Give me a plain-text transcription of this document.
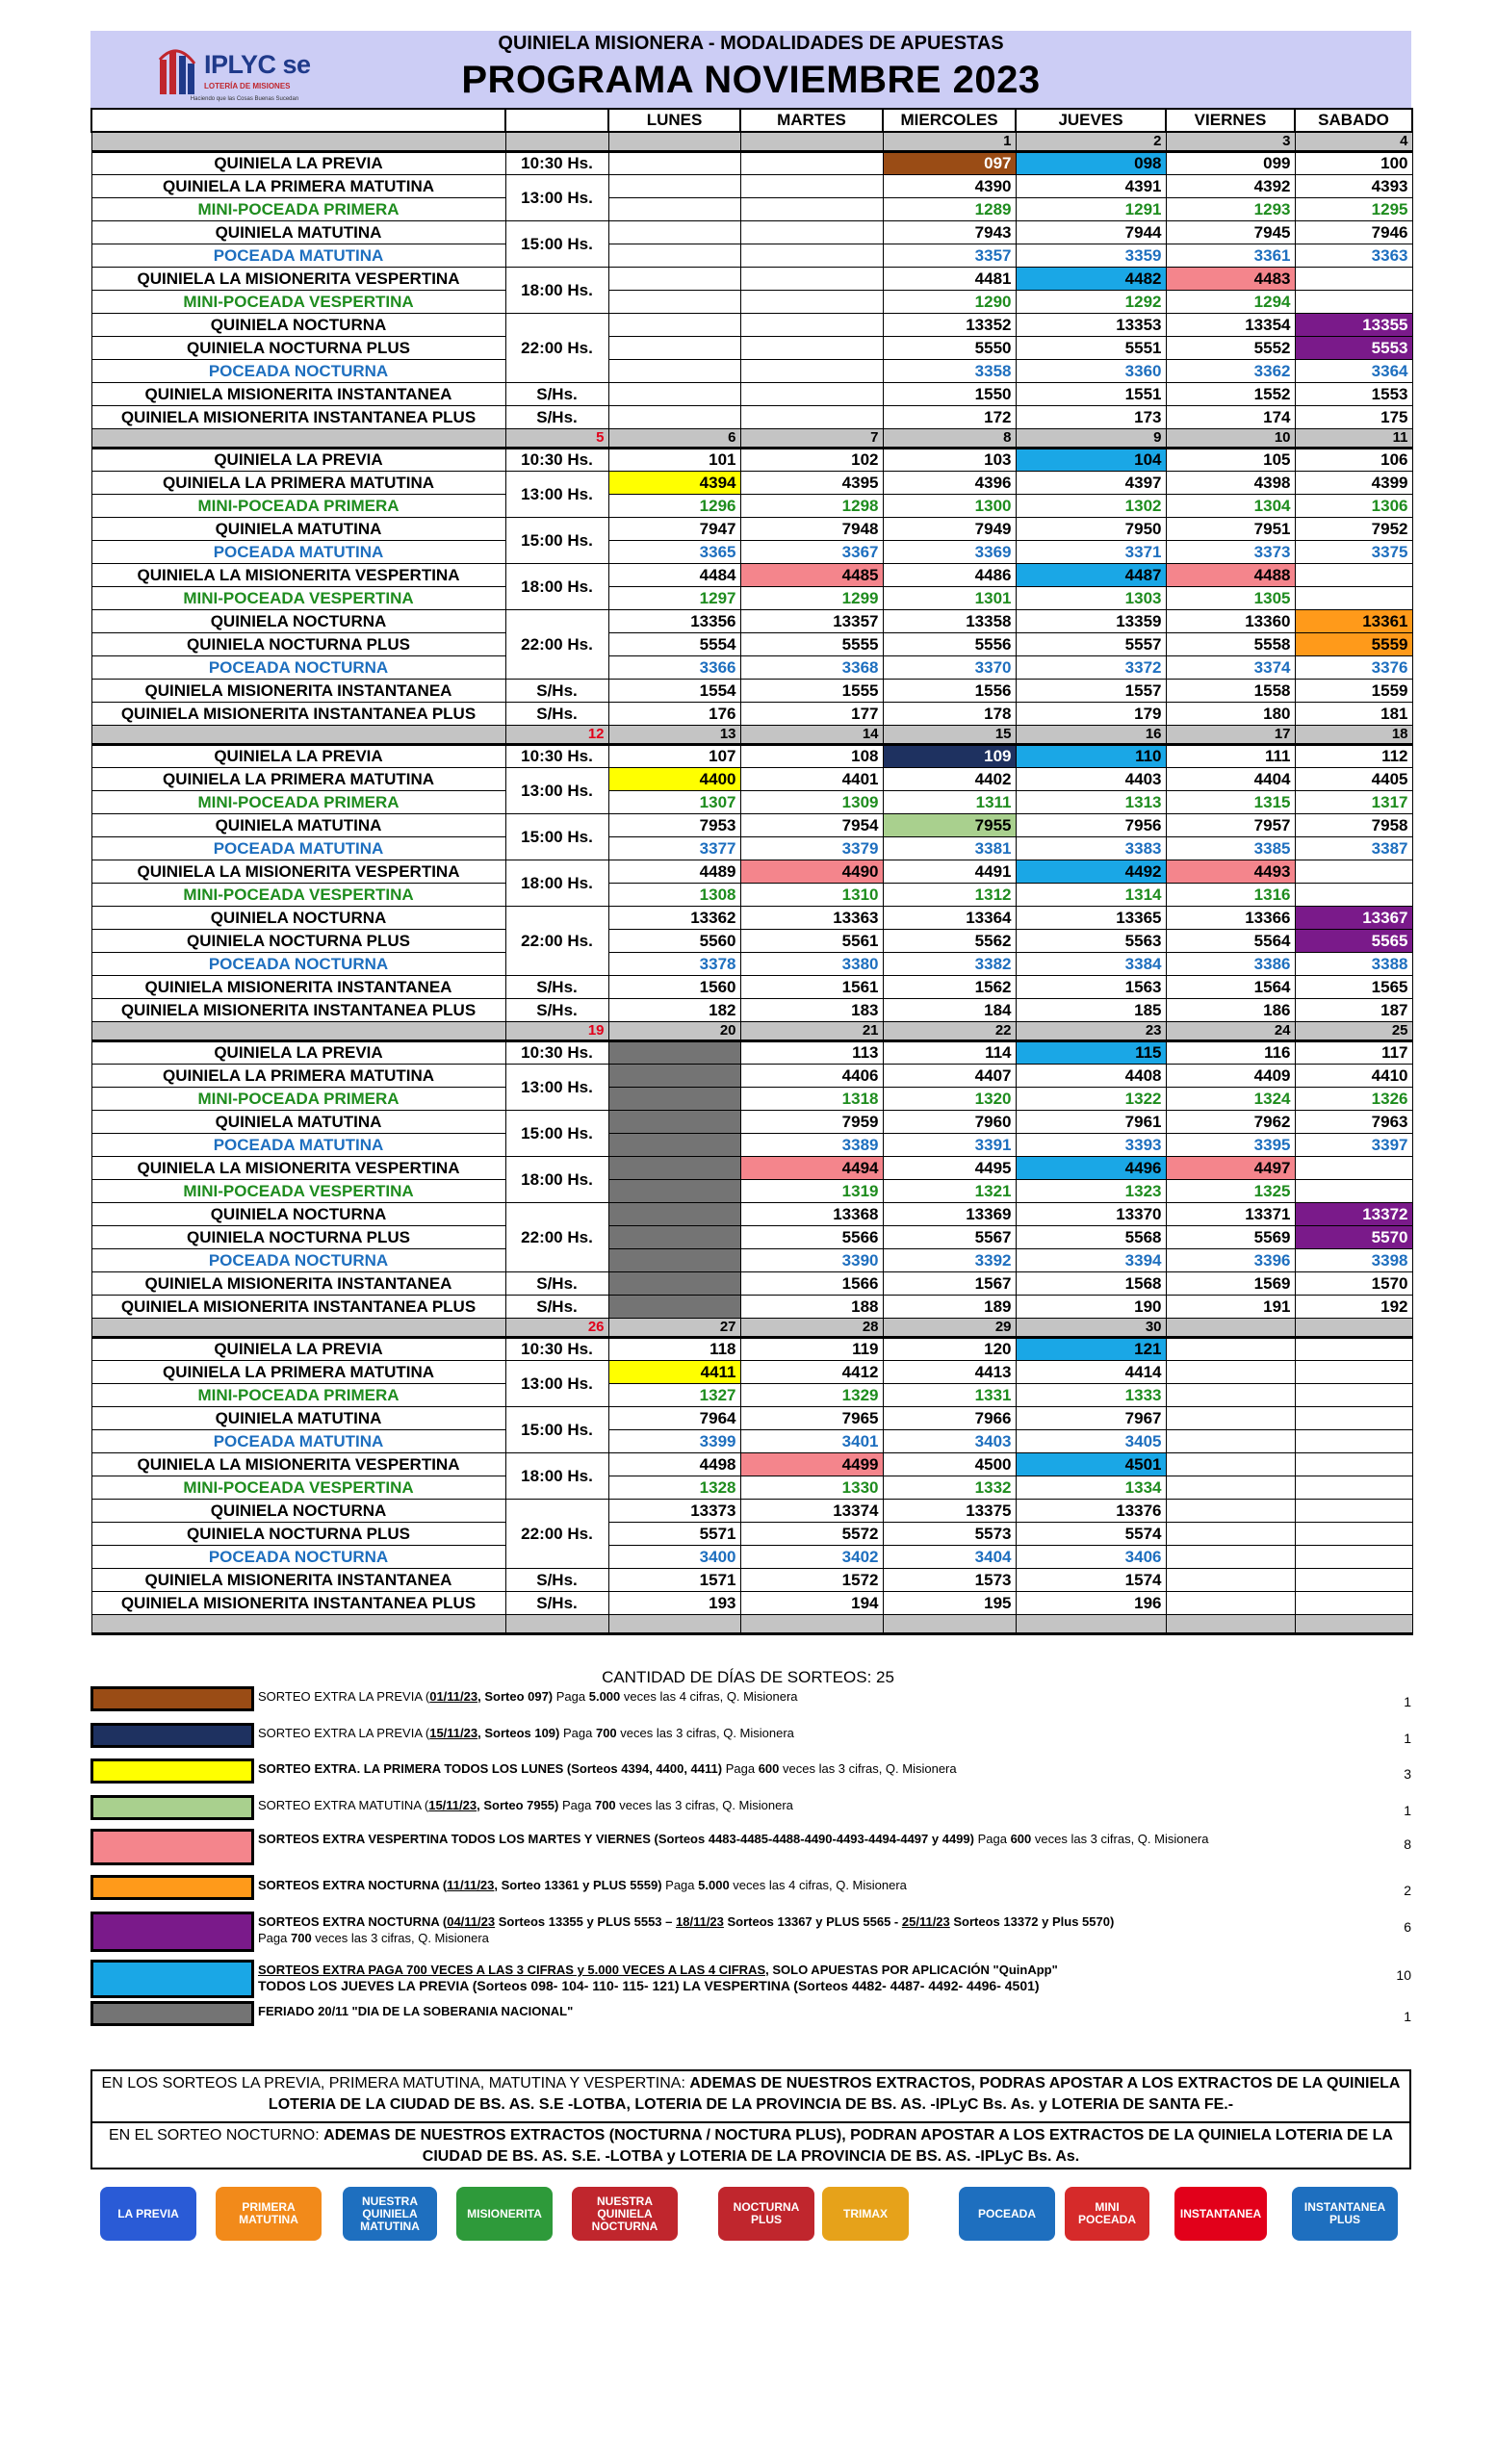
IPLYC se
LOTERÍA DE MISIONES
Haciendo que las Cosas Buenas Sucedan
QUINIELA MISIONERA - MODALIDADES DE APUESTAS
PROGRAMA NOVIEMBRE 2023
		LUNES	MARTES	MIERCOLES	JUEVES	VIERNES	SABADO
				1	2	3	4
QUINIELA LA PREVIA	10:30 Hs.			097	098	099	100
QUINIELA LA PRIMERA MATUTINA	13:00 Hs.			4390	4391	4392	4393
MINI-POCEADA PRIMERA				1289	1291	1293	1295
QUINIELA MATUTINA	15:00 Hs.			7943	7944	7945	7946
POCEADA MATUTINA				3357	3359	3361	3363
QUINIELA LA MISIONERITA VESPERTINA	18:00 Hs.			4481	4482	4483	
MINI-POCEADA VESPERTINA				1290	1292	1294	
QUINIELA NOCTURNA	22:00 Hs.			13352	13353	13354	13355
QUINIELA NOCTURNA PLUS				5550	5551	5552	5553
POCEADA NOCTURNA				3358	3360	3362	3364
QUINIELA MISIONERITA INSTANTANEA	S/Hs.			1550	1551	1552	1553
QUINIELA MISIONERITA INSTANTANEA PLUS	S/Hs.			172	173	174	175
	5	6	7	8	9	10	11
QUINIELA LA PREVIA	10:30 Hs.	101	102	103	104	105	106
QUINIELA LA PRIMERA MATUTINA	13:00 Hs.	4394	4395	4396	4397	4398	4399
MINI-POCEADA PRIMERA		1296	1298	1300	1302	1304	1306
QUINIELA MATUTINA	15:00 Hs.	7947	7948	7949	7950	7951	7952
POCEADA MATUTINA		3365	3367	3369	3371	3373	3375
QUINIELA LA MISIONERITA VESPERTINA	18:00 Hs.	4484	4485	4486	4487	4488	
MINI-POCEADA VESPERTINA		1297	1299	1301	1303	1305	
QUINIELA NOCTURNA	22:00 Hs.	13356	13357	13358	13359	13360	13361
QUINIELA NOCTURNA PLUS		5554	5555	5556	5557	5558	5559
POCEADA NOCTURNA		3366	3368	3370	3372	3374	3376
QUINIELA MISIONERITA INSTANTANEA	S/Hs.	1554	1555	1556	1557	1558	1559
QUINIELA MISIONERITA INSTANTANEA PLUS	S/Hs.	176	177	178	179	180	181
	12	13	14	15	16	17	18
QUINIELA LA PREVIA	10:30 Hs.	107	108	109	110	111	112
QUINIELA LA PRIMERA MATUTINA	13:00 Hs.	4400	4401	4402	4403	4404	4405
MINI-POCEADA PRIMERA		1307	1309	1311	1313	1315	1317
QUINIELA MATUTINA	15:00 Hs.	7953	7954	7955	7956	7957	7958
POCEADA MATUTINA		3377	3379	3381	3383	3385	3387
QUINIELA LA MISIONERITA VESPERTINA	18:00 Hs.	4489	4490	4491	4492	4493	
MINI-POCEADA VESPERTINA		1308	1310	1312	1314	1316	
QUINIELA NOCTURNA	22:00 Hs.	13362	13363	13364	13365	13366	13367
QUINIELA NOCTURNA PLUS		5560	5561	5562	5563	5564	5565
POCEADA NOCTURNA		3378	3380	3382	3384	3386	3388
QUINIELA MISIONERITA INSTANTANEA	S/Hs.	1560	1561	1562	1563	1564	1565
QUINIELA MISIONERITA INSTANTANEA PLUS	S/Hs.	182	183	184	185	186	187
	19	20	21	22	23	24	25
QUINIELA LA PREVIA	10:30 Hs.		113	114	115	116	117
QUINIELA LA PRIMERA MATUTINA	13:00 Hs.		4406	4407	4408	4409	4410
MINI-POCEADA PRIMERA			1318	1320	1322	1324	1326
QUINIELA MATUTINA	15:00 Hs.		7959	7960	7961	7962	7963
POCEADA MATUTINA			3389	3391	3393	3395	3397
QUINIELA LA MISIONERITA VESPERTINA	18:00 Hs.		4494	4495	4496	4497	
MINI-POCEADA VESPERTINA			1319	1321	1323	1325	
QUINIELA NOCTURNA	22:00 Hs.		13368	13369	13370	13371	13372
QUINIELA NOCTURNA PLUS			5566	5567	5568	5569	5570
POCEADA NOCTURNA			3390	3392	3394	3396	3398
QUINIELA MISIONERITA INSTANTANEA	S/Hs.		1566	1567	1568	1569	1570
QUINIELA MISIONERITA INSTANTANEA PLUS	S/Hs.		188	189	190	191	192
	26	27	28	29	30		
QUINIELA LA PREVIA	10:30 Hs.	118	119	120	121		
QUINIELA LA PRIMERA MATUTINA	13:00 Hs.	4411	4412	4413	4414		
MINI-POCEADA PRIMERA		1327	1329	1331	1333		
QUINIELA MATUTINA	15:00 Hs.	7964	7965	7966	7967		
POCEADA MATUTINA		3399	3401	3403	3405		
QUINIELA LA MISIONERITA VESPERTINA	18:00 Hs.	4498	4499	4500	4501		
MINI-POCEADA VESPERTINA		1328	1330	1332	1334		
QUINIELA NOCTURNA	22:00 Hs.	13373	13374	13375	13376		
QUINIELA NOCTURNA PLUS		5571	5572	5573	5574		
POCEADA NOCTURNA		3400	3402	3404	3406		
QUINIELA MISIONERITA INSTANTANEA	S/Hs.	1571	1572	1573	1574		
QUINIELA MISIONERITA INSTANTANEA PLUS	S/Hs.	193	194	195	196		

CANTIDAD DE DÍAS DE SORTEOS: 25
SORTEO EXTRA LA PREVIA (01/11/23, Sorteo 097) Paga 5.000 veces las 4 cifras, Q. Misionera	1
SORTEO EXTRA LA PREVIA (15/11/23, Sorteos 109) Paga 700 veces las 3 cifras, Q. Misionera	1
SORTEO EXTRA. LA PRIMERA TODOS LOS LUNES (Sorteos 4394, 4400, 4411) Paga 600 veces las 3 cifras, Q. Misionera	3
SORTEO EXTRA MATUTINA (15/11/23, Sorteo 7955) Paga 700 veces las 3 cifras, Q. Misionera	1
SORTEOS EXTRA VESPERTINA TODOS LOS MARTES Y VIERNES (Sorteos 4483-4485-4488-4490-4493-4494-4497 y 4499) Paga 600 veces las 3 cifras, Q. Misionera	8
SORTEOS EXTRA NOCTURNA (11/11/23, Sorteo 13361 y PLUS 5559) Paga 5.000 veces las 4 cifras, Q. Misionera	2
SORTEOS EXTRA NOCTURNA (04/11/23 Sorteos 13355 y PLUS 5553 – 18/11/23 Sorteos 13367 y PLUS 5565 - 25/11/23 Sorteos 13372 y Plus 5570)
Paga 700 veces las 3 cifras, Q. Misionera
6
SORTEOS EXTRA PAGA 700 VECES A LAS 3 CIFRAS y 5.000 VECES A LAS 4 CIFRAS, SOLO APUESTAS POR APLICACIÓN "QuinApp"
TODOS LOS JUEVES LA PREVIA (Sorteos 098- 104- 110- 115- 121) LA VESPERTINA (Sorteos 4482- 4487- 4492- 4496- 4501)
10
FERIADO 20/11 "DIA DE LA SOBERANIA NACIONAL"	1
EN LOS SORTEOS LA PREVIA, PRIMERA MATUTINA, MATUTINA Y VESPERTINA: ADEMAS DE NUESTROS EXTRACTOS, PODRAS APOSTAR A LOS EXTRACTOS DE LA QUINIELA LOTERIA DE LA CIUDAD DE BS. AS. S.E -LOTBA, LOTERIA DE LA PROVINCIA DE BS. AS. -IPLyC Bs. As. y LOTERIA DE SANTA FE.-
EN EL SORTEO NOCTURNO: ADEMAS DE NUESTROS EXTRACTOS (NOCTURNA / NOCTURA PLUS), PODRAN APOSTAR A LOS EXTRACTOS DE LA QUINIELA LOTERIA DE LA CIUDAD DE BS. AS. S.E. -LOTBA y LOTERIA DE LA PROVINCIA DE BS. AS. -IPLyC Bs. As.
LA PREVIA	PRIMERA MATUTINA
NUESTRA QUINIELA MATUTINA
MISIONERITA
NUESTRA QUINIELA NOCTURNA
NOCTURNA PLUS	TRIMAX	POCEADA	MINI POCEADA	INSTANTANEA	INSTANTANEA PLUS
